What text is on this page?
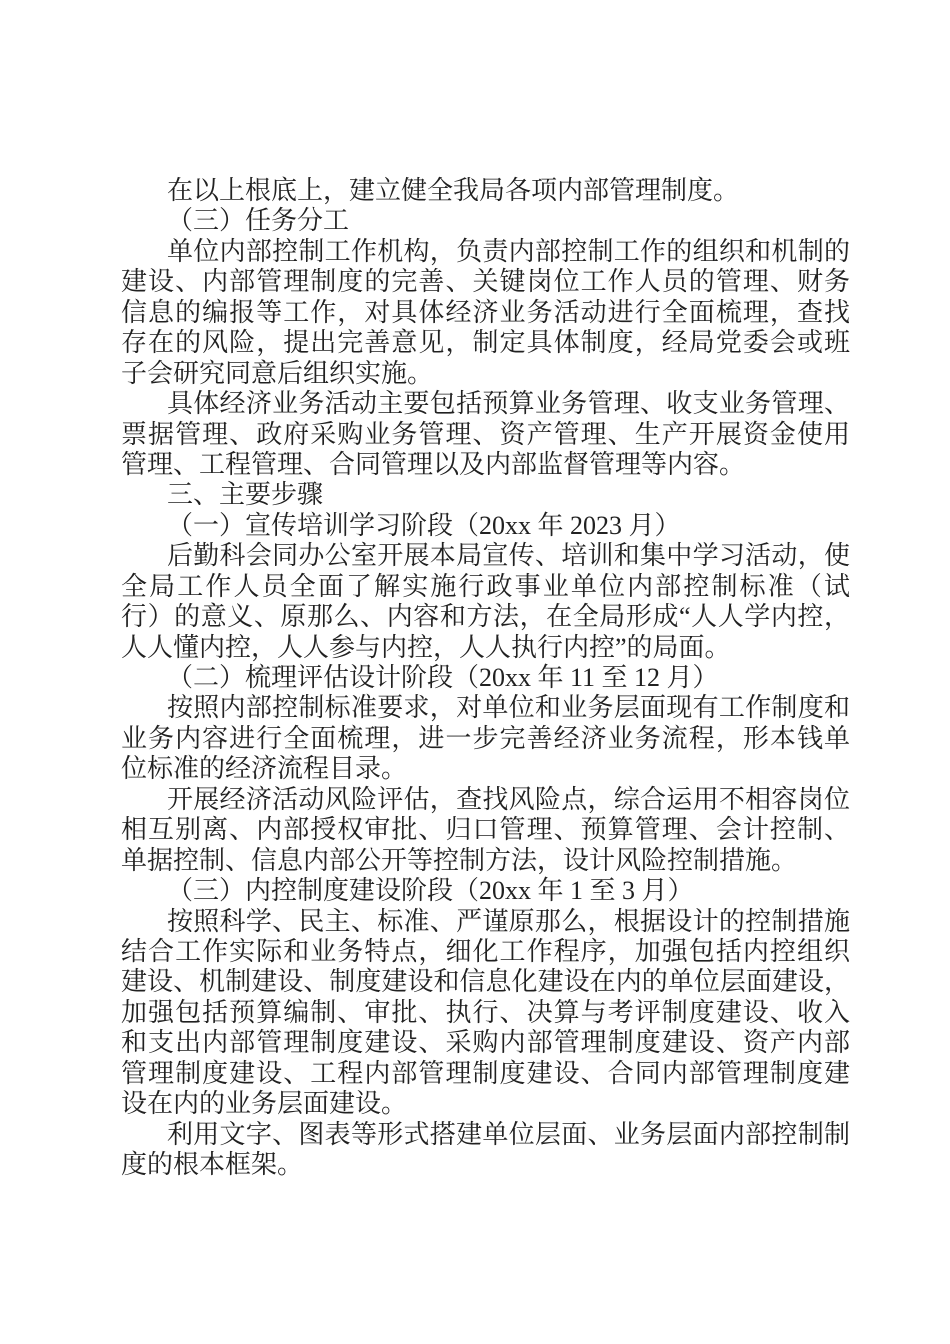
在以上根底上，建立健全我局各项内部管理制度。
（三）任务分工
单位内部控制工作机构，负责内部控制工作的组织和机制的
建设、内部管理制度的完善、关键岗位工作人员的管理、财务
信息的编报等工作，对具体经济业务活动进行全面梳理，查找
存在的风险，提出完善意见，制定具体制度，经局党委会或班
子会研究同意后组织实施。
具体经济业务活动主要包括预算业务管理、收支业务管理、
票据管理、政府采购业务管理、资产管理、生产开展资金使用
管理、工程管理、合同管理以及内部监督管理等内容。
三、主要步骤
（一）宣传培训学习阶段（20xx 年 2023 月）
后勤科会同办公室开展本局宣传、培训和集中学习活动，使
全局工作人员全面了解实施行政事业单位内部控制标准（试
行）的意义、原那么、内容和方法，在全局形成“人人学内控，
人人懂内控，人人参与内控，人人执行内控”的局面。
（二）梳理评估设计阶段（20xx 年 11 至 12 月）
按照内部控制标准要求，对单位和业务层面现有工作制度和
业务内容进行全面梳理，进一步完善经济业务流程，形本钱单
位标准的经济流程目录。
开展经济活动风险评估，查找风险点，综合运用不相容岗位
相互别离、内部授权审批、归口管理、预算管理、会计控制、
单据控制、信息内部公开等控制方法，设计风险控制措施。
（三）内控制度建设阶段（20xx 年 1 至 3 月）
按照科学、民主、标准、严谨原那么，根据设计的控制措施
结合工作实际和业务特点，细化工作程序，加强包括内控组织
建设、机制建设、制度建设和信息化建设在内的单位层面建设，
加强包括预算编制、审批、执行、决算与考评制度建设、收入
和支出内部管理制度建设、采购内部管理制度建设、资产内部
管理制度建设、工程内部管理制度建设、合同内部管理制度建
设在内的业务层面建设。
利用文字、图表等形式搭建单位层面、业务层面内部控制制
度的根本框架。
